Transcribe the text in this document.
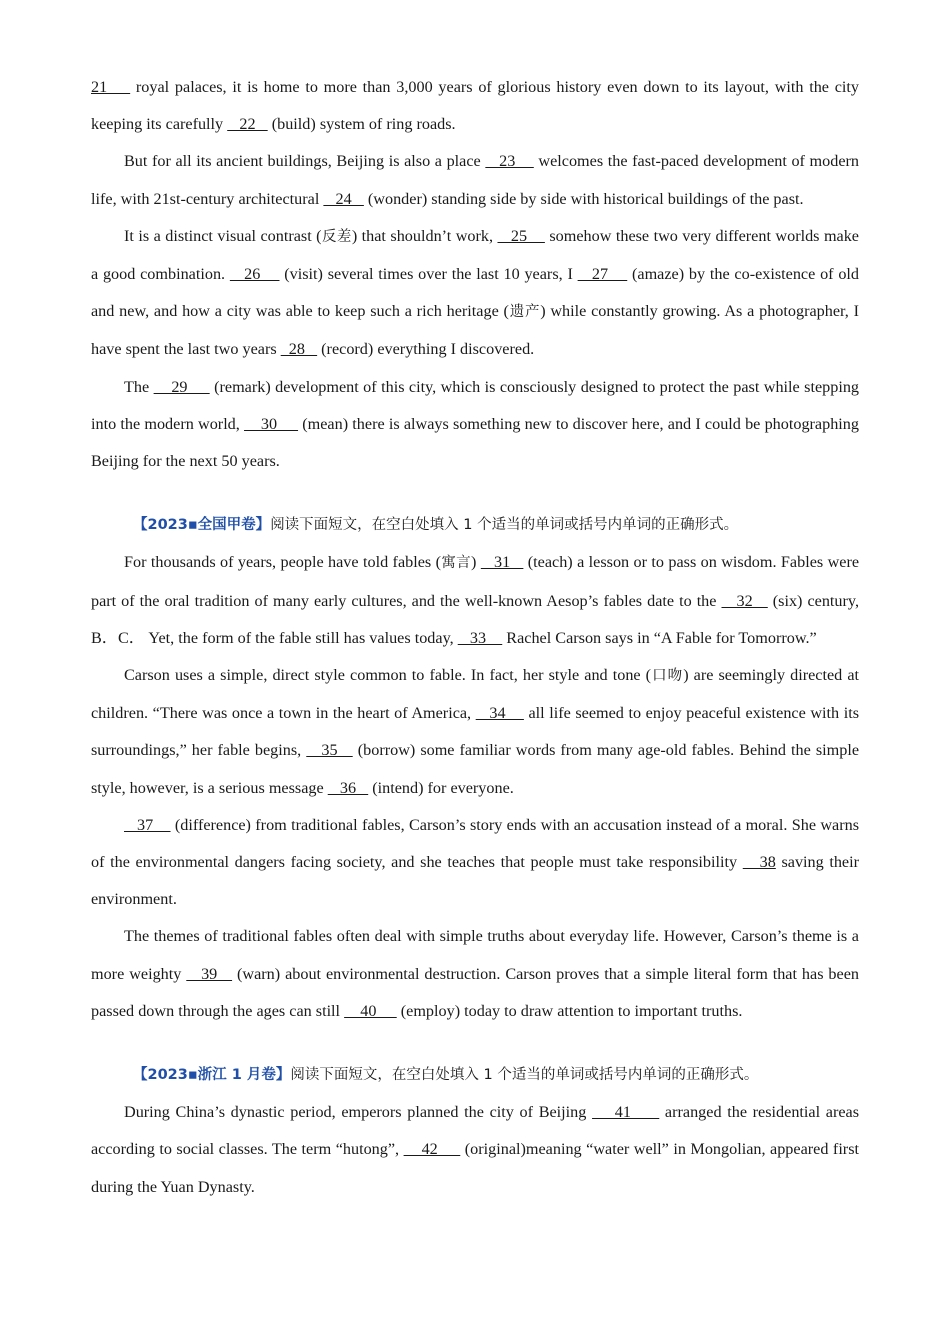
21     royal palaces, it is home to more than 3,000 years of glorious history even down to its layout, with the city keeping its carefully    22    (build) system of ring roads.

But for all its ancient buildings, Beijing is also a place    23     welcomes the fast-paced development of modern life, with 21st-century architectural    24    (wonder) standing side by side with historical buildings of the past.

It is a distinct visual contrast (反差) that shouldn’t work,    25     somehow these two very different worlds make a good combination.    26     (visit) several times over the last 10 years, I    27     (amaze) by the co-existence of old and new, and how a city was able to keep such a rich heritage (遗产) while constantly growing. As a photographer, I have spent the last two years   28    (record) everything I discovered.

The     29      (remark) development of this city, which is consciously designed to protect the past while stepping into the modern world,     30      (mean) there is always something new to discover here, and I could be photographing Beijing for the next 50 years.

【2023▪全国甲卷】阅读下面短文，在空白处填入 1 个适当的单词或括号内单词的正确形式。

For thousands of years, people have told fables (寓言)    31    (teach) a lesson or to pass on wisdom. Fables were part of the oral tradition of many early cultures, and the well-known Aesop’s fables date to the    32    (six) century, B．C． Yet, the form of the fable still has values today,    33     Rachel Carson says in “A Fable for Tomorrow.”

Carson uses a simple, direct style common to fable. In fact, her style and tone (口吻) are seemingly directed at children. “There was once a town in the heart of America,    34     all life seemed to enjoy peaceful existence with its surroundings,” her fable begins,    35    (borrow) some familiar words from many age-old fables. Behind the simple style, however, is a serious message    36    (intend) for everyone.

37     (difference) from traditional fables, Carson’s story ends with an accusation instead of a moral. She warns of the environmental dangers facing society, and she teaches that people must take responsibility    38 saving their environment.

The themes of traditional fables often deal with simple truths about everyday life. However, Carson’s theme is a more weighty    39    (warn) about environmental destruction. Carson proves that a simple literal form that has been passed down through the ages can still     40      (employ) today to draw attention to important truths.

【2023▪浙江 1 月卷】阅读下面短文，在空白处填入 1 个适当的单词或括号内单词的正确形式。

During China’s dynastic period, emperors planned the city of Beijing     41      arranged the residential areas according to social classes. The term “hutong”,     42      (original)meaning “water well” in Mongolian, appeared first during the Yuan Dynasty.
